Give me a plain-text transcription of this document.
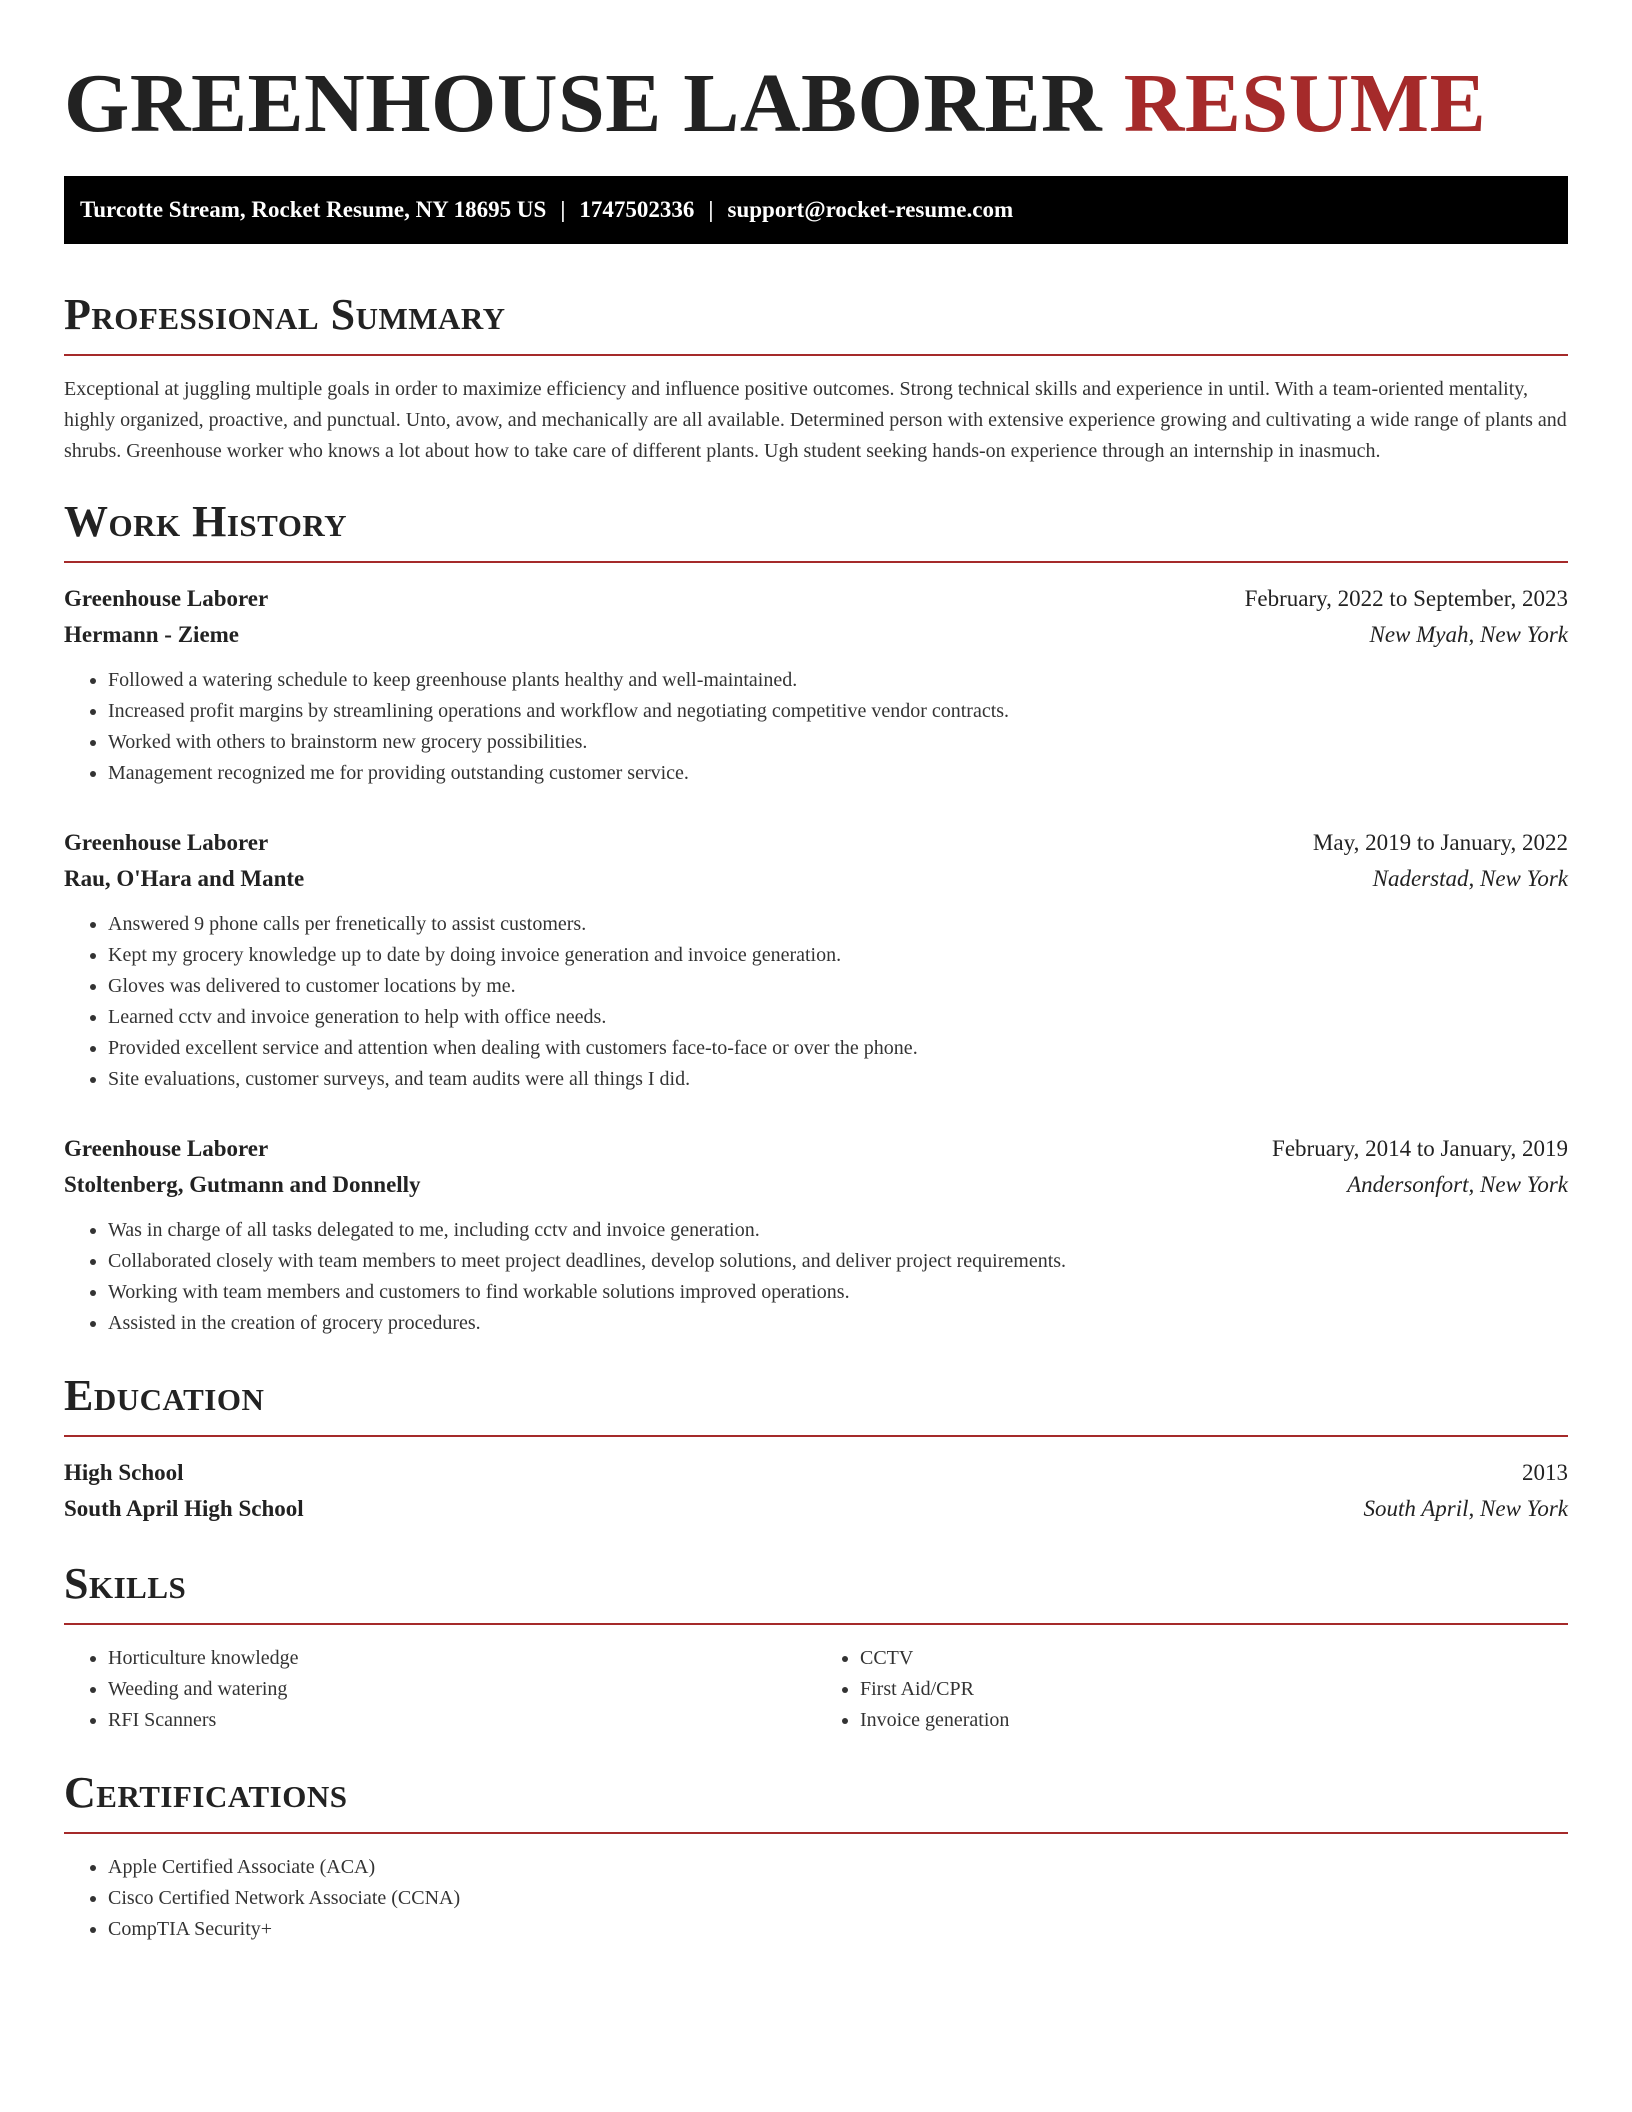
GREENHOUSE LABORER RESUME
Turcotte Stream, Rocket Resume, NY 18695 US | 1747502336 | support@rocket-resume.com
Professional Summary

Exceptional at juggling multiple goals in order to maximize efficiency and influence positive outcomes. Strong technical skills and experience in until. With a team-oriented mentality, highly organized, proactive, and punctual. Unto, avow, and mechanically are all available. Determined person with extensive experience growing and cultivating a wide range of plants and shrubs. Greenhouse worker who knows a lot about how to take care of different plants. Ugh student seeking hands-on experience through an internship in inasmuch.

Work History
Greenhouse Laborer	February, 2022 to September, 2023
Hermann - Zieme	New Myah, New York
• Followed a watering schedule to keep greenhouse plants healthy and well-maintained.
• Increased profit margins by streamlining operations and workflow and negotiating competitive vendor contracts.
• Worked with others to brainstorm new grocery possibilities.
• Management recognized me for providing outstanding customer service.
Greenhouse Laborer	May, 2019 to January, 2022
Rau, O'Hara and Mante	Naderstad, New York
• Answered 9 phone calls per frenetically to assist customers.
• Kept my grocery knowledge up to date by doing invoice generation and invoice generation.
• Gloves was delivered to customer locations by me.
• Learned cctv and invoice generation to help with office needs.
• Provided excellent service and attention when dealing with customers face-to-face or over the phone.
• Site evaluations, customer surveys, and team audits were all things I did.
Greenhouse Laborer	February, 2014 to January, 2019
Stoltenberg, Gutmann and Donnelly	Andersonfort, New York
• Was in charge of all tasks delegated to me, including cctv and invoice generation.
• Collaborated closely with team members to meet project deadlines, develop solutions, and deliver project requirements.
• Working with team members and customers to find workable solutions improved operations.
• Assisted in the creation of grocery procedures.
Education
High School	2013
South April High School	South April, New York
Skills
• Horticulture knowledge
• Weeding and watering
• RFI Scanners
• CCTV
• First Aid/CPR
• Invoice generation
Certifications
• Apple Certified Associate (ACA)
• Cisco Certified Network Associate (CCNA)
• CompTIA Security+
